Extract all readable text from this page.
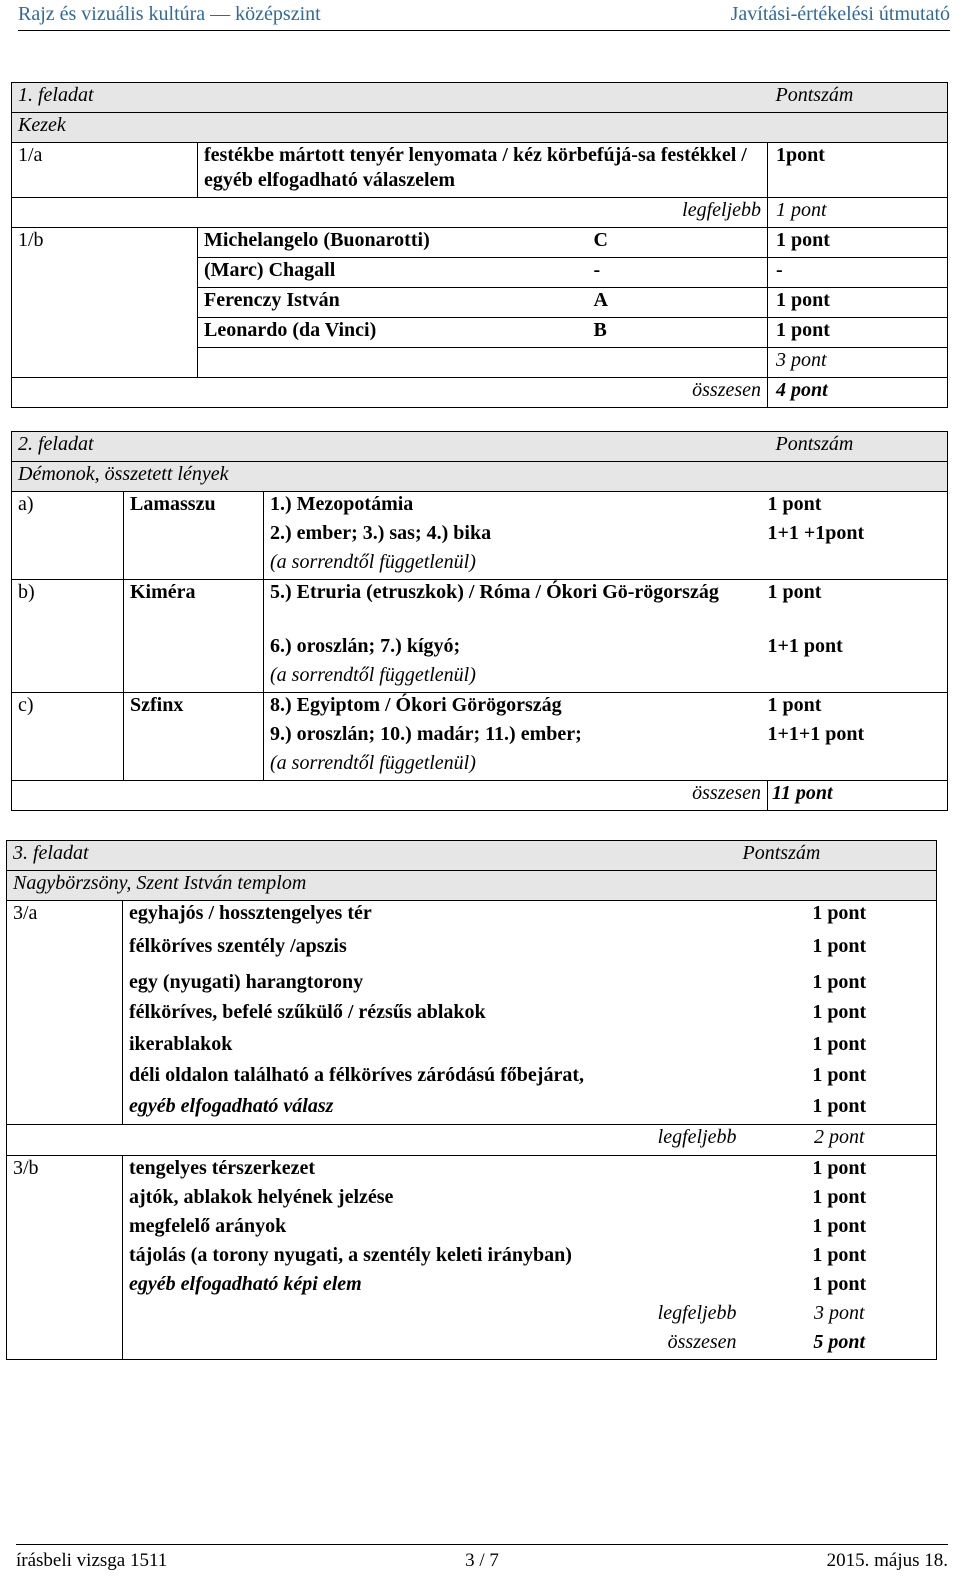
Rajz és vizuális kultúra — középszint	Javítási-értékelési útmutató
1. feladat			Pontszám
Kezek			
1/a	festékbe mártott tenyér lenyomata / kéz körbefújá-sa festékkel / egyéb elfogadható válaszelem		1pont
legfeljebb			1 pont
1/b	Michelangelo (Buonarotti)	C	1 pont
	(Marc) Chagall	-	-
	Ferenczy István	A	1 pont
	Leonardo (da Vinci)	B	1 pont
			3 pont
összesen			4 pont
2. feladat			Pontszám
Démonok, összetett lények			
a)	Lamasszu	1.) Mezopotámia	1 pont
		2.) ember; 3.) sas; 4.) bika	1+1 +1pont
		(a sorrendtől függetlenül)	
b)	Kiméra	5.) Etruria (etruszkok) / Róma / Ókori Gö-rögország	1 pont
		6.) oroszlán; 7.) kígyó;	1+1 pont
		(a sorrendtől függetlenül)	
c)	Szfinx	8.) Egyiptom / Ókori Görögország	1 pont
		9.) oroszlán; 10.) madár; 11.) ember;	1+1+1 pont
		(a sorrendtől függetlenül)	
összesen			11 pont
3. feladat		Pontszám
Nagybörzsöny, Szent István templom		
3/a	egyhajós / hossztengelyes tér	1 pont
	félköríves szentély /apszis	1 pont
	egy (nyugati) harangtorony	1 pont
	félköríves, befelé szűkülő / rézsűs ablakok	1 pont
	ikerablakok	1 pont
	déli oldalon található a félköríves záródású főbejárat,	1 pont
	egyéb elfogadható válasz	1 pont
legfeljebb		2 pont
3/b	tengelyes térszerkezet	1 pont
	ajtók, ablakok helyének jelzése	1 pont
	megfelelő arányok	1 pont
	tájolás (a torony nyugati, a szentély keleti irányban)	1 pont
	egyéb elfogadható képi elem	1 pont
	legfeljebb	3 pont
	összesen	5 pont
írásbeli vizsga 1511	3 / 7	2015. május 18.
